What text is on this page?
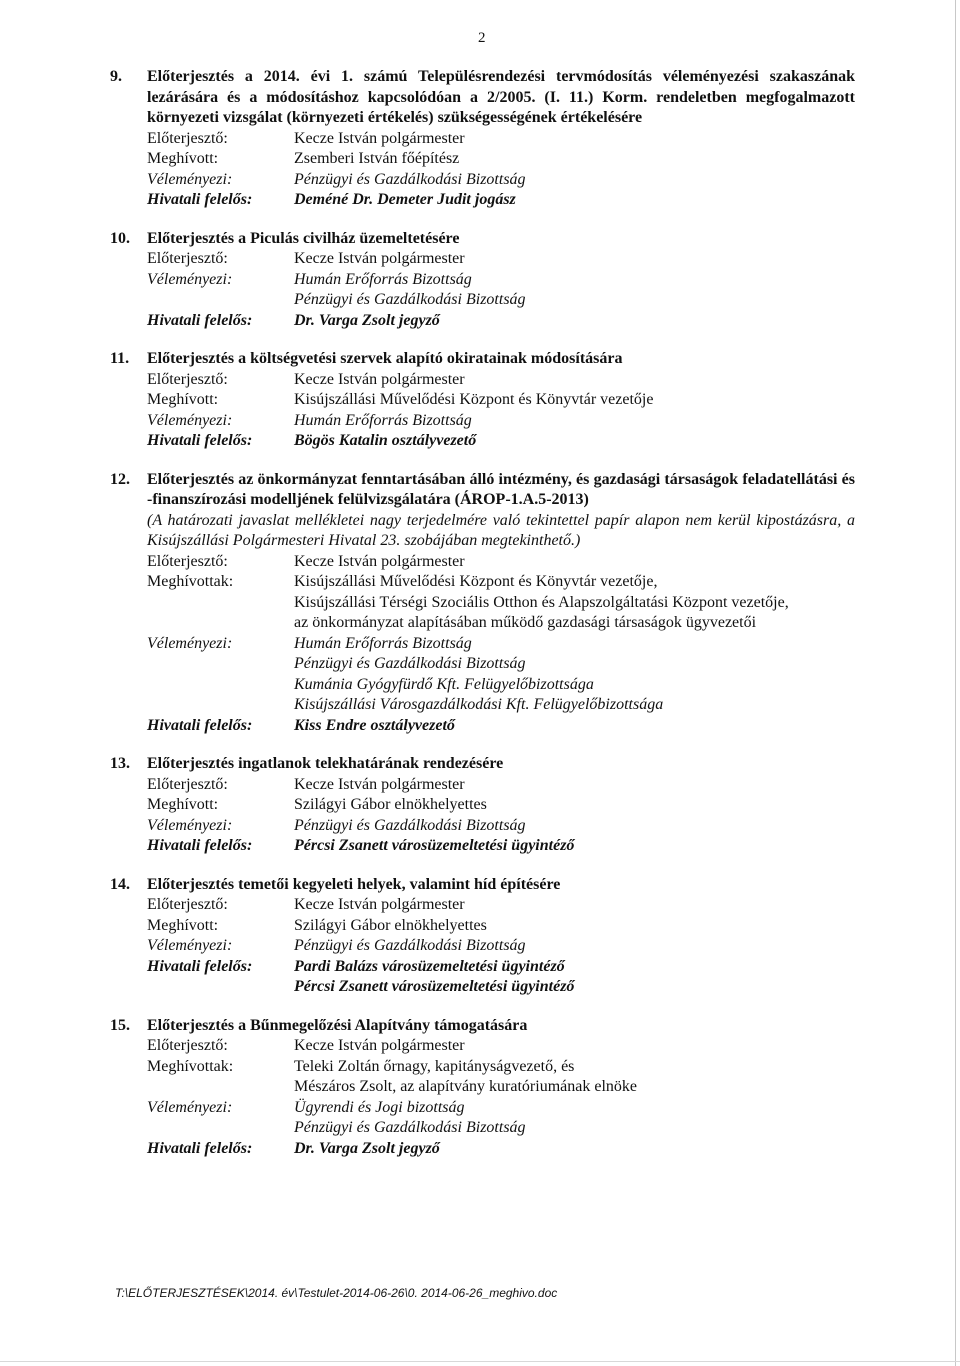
2
9.	Előterjesztés a 2014. évi 1. számú Településrendezési tervmódosítás véleményezési szakaszának lezárására és a módosításhoz kapcsolódóan a 2/2005. (I. 11.) Korm. rendeletben megfogalmazott környezeti vizsgálat (környezeti értékelés) szükségességének értékelésére
Előterjesztő:	Kecze István polgármester
Meghívott:	Zsemberi István főépítész
Véleményezi:	Pénzügyi és Gazdálkodási Bizottság
Hivatali felelős:	Deméné Dr. Demeter Judit jogász
10.	Előterjesztés a Piculás civilház üzemeltetésére
Előterjesztő:	Kecze István polgármester
Véleményezi:	Humán Erőforrás Bizottság
Pénzügyi és Gazdálkodási Bizottság
Hivatali felelős:	Dr. Varga Zsolt jegyző
11.	Előterjesztés a költségvetési szervek alapító okiratainak módosítására
Előterjesztő:	Kecze István polgármester
Meghívott:	Kisújszállási Művelődési Központ és Könyvtár vezetője
Véleményezi:	Humán Erőforrás Bizottság
Hivatali felelős:	Bögös Katalin osztályvezető
12.	Előterjesztés az önkormányzat fenntartásában álló intézmény, és gazdasági társaságok feladatellátási és -finanszírozási modelljének felülvizsgálatára (ÁROP-1.A.5-2013)
(A határozati javaslat mellékletei nagy terjedelmére való tekintettel papír alapon nem kerül kipostázásra, a Kisújszállási Polgármesteri Hivatal 23. szobájában megtekinthető.)
Előterjesztő:	Kecze István polgármester
Meghívottak:	Kisújszállási Művelődési Központ és Könyvtár vezetője,
Kisújszállási Térségi Szociális Otthon és Alapszolgáltatási Központ vezetője,
az önkormányzat alapításában működő gazdasági társaságok ügyvezetői
Véleményezi:	Humán Erőforrás Bizottság
Pénzügyi és Gazdálkodási Bizottság
Kumánia Gyógyfürdő Kft. Felügyelőbizottsága
Kisújszállási Városgazdálkodási Kft. Felügyelőbizottsága
Hivatali felelős:	Kiss Endre osztályvezető
13.	Előterjesztés ingatlanok telekhatárának rendezésére
Előterjesztő:	Kecze István polgármester
Meghívott:	Szilágyi Gábor elnökhelyettes
Véleményezi:	Pénzügyi és Gazdálkodási Bizottság
Hivatali felelős:	Pércsi Zsanett városüzemeltetési ügyintéző
14.	Előterjesztés temetői kegyeleti helyek, valamint híd építésére
Előterjesztő:	Kecze István polgármester
Meghívott:	Szilágyi Gábor elnökhelyettes
Véleményezi:	Pénzügyi és Gazdálkodási Bizottság
Hivatali felelős:	Pardi Balázs városüzemeltetési ügyintéző
Pércsi Zsanett városüzemeltetési ügyintéző
15.	Előterjesztés a Bűnmegelőzési Alapítvány támogatására
Előterjesztő:	Kecze István polgármester
Meghívottak:	Teleki Zoltán őrnagy, kapitányságvezető, és
Mészáros Zsolt, az alapítvány kuratóriumának elnöke
Véleményezi:	Ügyrendi és Jogi bizottság
Pénzügyi és Gazdálkodási Bizottság
Hivatali felelős:	Dr. Varga Zsolt jegyző
T:\ELŐTERJESZTÉSEK\2014. év\Testulet-2014-06-26\0. 2014-06-26_meghivo.doc
